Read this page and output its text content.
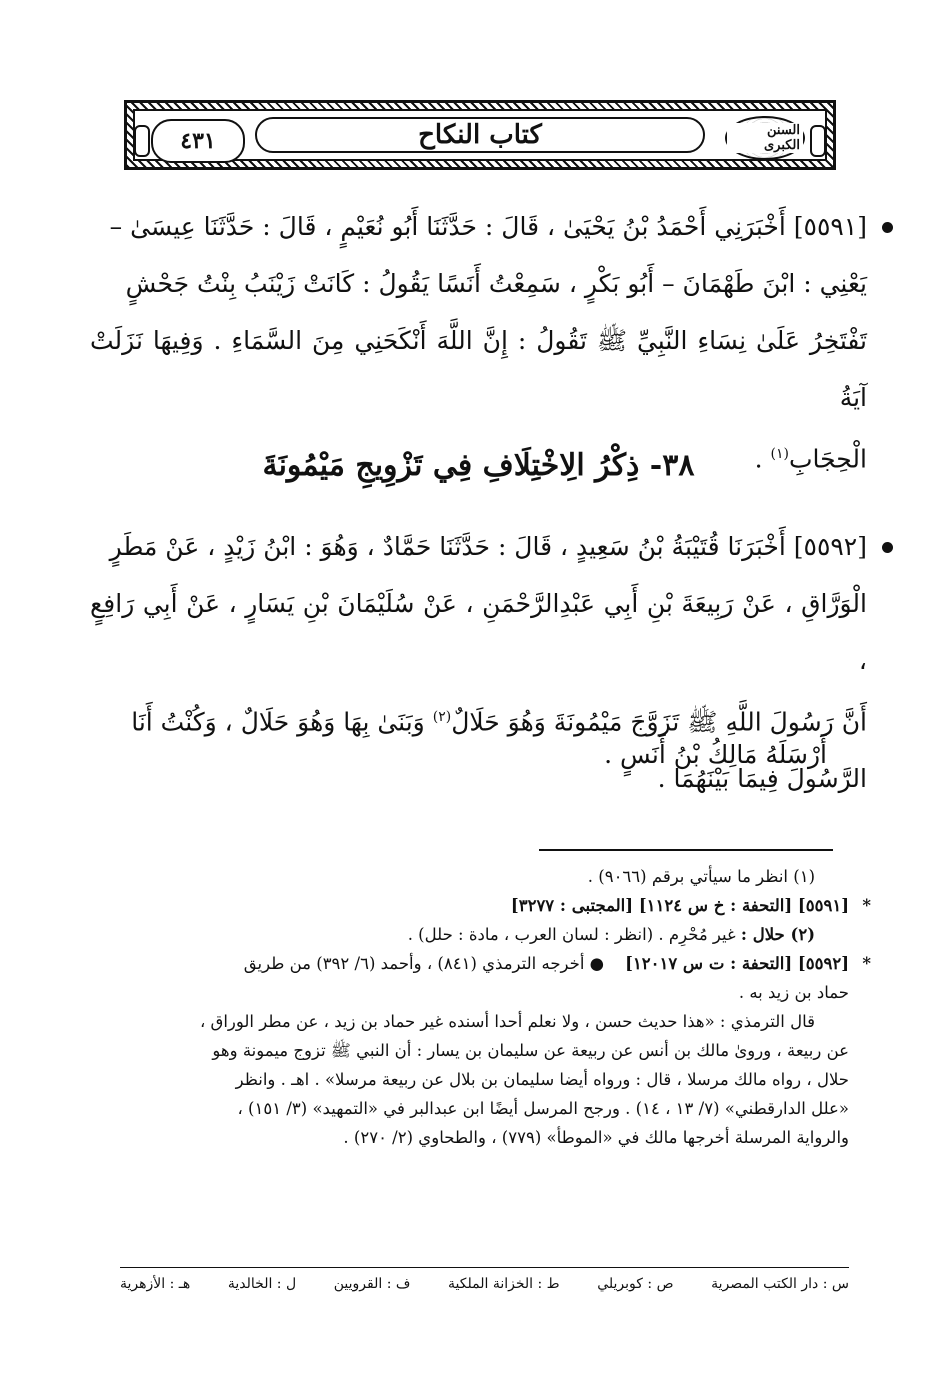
٤٣١	كتاب النكاح	السنن الكبرى
[٥٥٩١] أَخْبَرَنِي أَحْمَدُ بْنُ يَحْيَىٰ ، قَالَ : حَدَّثَنَا أَبُو نُعَيْمٍ ، قَالَ : حَدَّثَنَا عِيسَىٰ –
يَعْنِي : ابْنَ طَهْمَانَ – أَبُو بَكْرٍ ، سَمِعْتُ أَنَسًا يَقُولُ : كَانَتْ زَيْنَبُ بِنْتُ جَحْشٍ
تَفْتَخِرُ عَلَىٰ نِسَاءِ النَّبِيِّ ﷺ تَقُولُ : إِنَّ اللَّهَ أَنْكَحَنِي مِنَ السَّمَاءِ . وَفِيهَا نَزَلَتْ آيَةُ
الْحِجَابِ$^{(١)}$ .
٣٨- ذِكْرُ الِاخْتِلَافِ فِي تَزْوِيجِ مَيْمُونَةَ
[٥٥٩٢] أَخْبَرَنَا قُتَيْبَةُ بْنُ سَعِيدٍ ، قَالَ : حَدَّثَنَا حَمَّادٌ ، وَهُوَ : ابْنُ زَيْدٍ ، عَنْ مَطَرٍ
الْوَرَّاقِ ، عَنْ رَبِيعَةَ بْنِ أَبِي عَبْدِالرَّحْمَنِ ، عَنْ سُلَيْمَانَ بْنِ يَسَارٍ ، عَنْ أَبِي رَافِعٍ ،
أَنَّ رَسُولَ اللَّهِ ﷺ تَزَوَّجَ مَيْمُونَةَ وَهُوَ حَلَالٌ$^{(٢)}$ وَبَنَىٰ بِهَا وَهُوَ حَلَالٌ ، وَكُنْتُ أَنَا
الرَّسُولَ فِيمَا بَيْنَهُمَا .
أَرْسَلَهُ مَالِكُ بْنُ أَنَسٍ .

(١) انظر ما سيأتي برقم (٩٠٦٦) .

*
[٥٥٩١] [التحفة : خ س ١١٢٤] [المجتبى : ٣٢٧٧]

(٢) حلال : غير مُحْرِم . (انظر : لسان العرب ، مادة : حلل) .

*
[٥٥٩٢] [التحفة : ت س ١٢٠١٧]    ● أخرجه الترمذي (٨٤١) ، وأحمد (٦/ ٣٩٢) من طريق

حماد بن زيد به .

قال الترمذي : «هذا حديث حسن ، ولا نعلم أحدا أسنده غير حماد بن زيد ، عن مطر الوراق ،

عن ربيعة ، وروىٰ مالك بن أنس عن ربيعة عن سليمان بن يسار : أن النبي ﷺ تزوج ميمونة وهو

حلال ، رواه مالك مرسلا ، قال : ورواه أيضا سليمان بن بلال عن ربيعة مرسلا» . اهـ . وانظر

«علل الدارقطني» (٧/ ١٣ ، ١٤) . ورجح المرسل أيضًا ابن عبدالبر في «التمهيد» (٣/ ١٥١) ،

والرواية المرسلة أخرجها مالك في «الموطأ» (٧٧٩) ، والطحاوي (٢/ ٢٧٠) .

س : دار الكتب المصرية
ص : كوبريلي
ط : الخزانة الملكية
ف : القرويين
ل : الخالدية
هـ : الأزهرية
